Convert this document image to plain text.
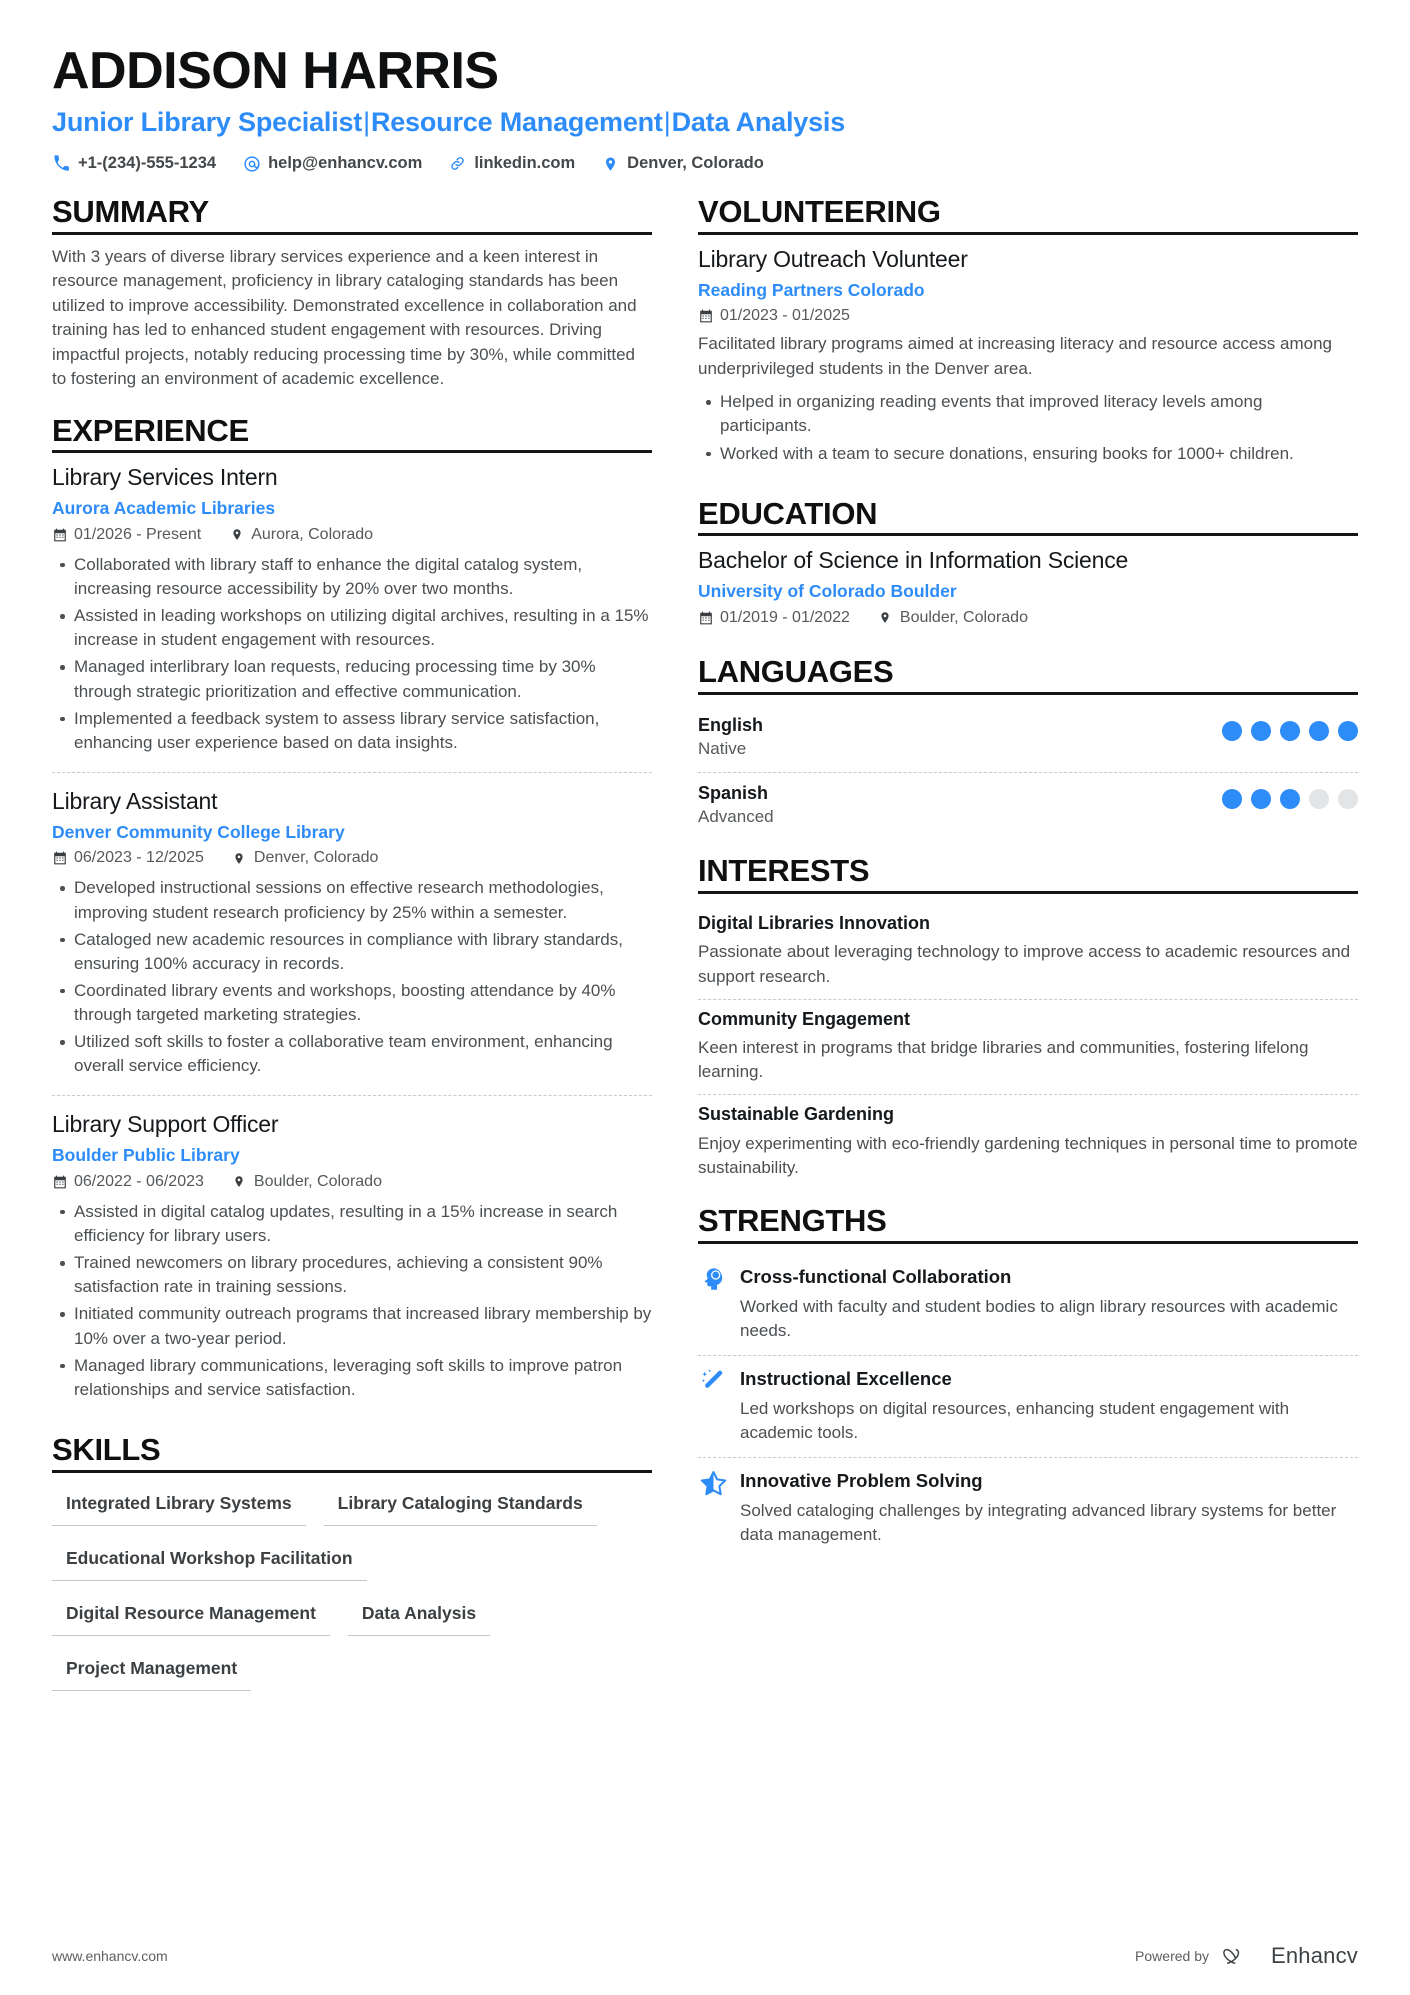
ADDISON HARRIS
Junior Library Specialist|Resource Management|Data Analysis
+1-(234)-555-1234	help@enhancv.com	linkedin.com	Denver, Colorado
SUMMARY
With 3 years of diverse library services experience and a keen interest in resource management, proficiency in library cataloging standards has been utilized to improve accessibility. Demonstrated excellence in collaboration and training has led to enhanced student engagement with resources. Driving impactful projects, notably reducing processing time by 30%, while committed to fostering an environment of academic excellence.
EXPERIENCE
Library Services Intern
Aurora Academic Libraries
01/2026 - Present	Aurora, Colorado
Collaborated with library staff to enhance the digital catalog system, increasing resource accessibility by 20% over two months.
Assisted in leading workshops on utilizing digital archives, resulting in a 15% increase in student engagement with resources.
Managed interlibrary loan requests, reducing processing time by 30% through strategic prioritization and effective communication.
Implemented a feedback system to assess library service satisfaction, enhancing user experience based on data insights.
Library Assistant
Denver Community College Library
06/2023 - 12/2025	Denver, Colorado
Developed instructional sessions on effective research methodologies, improving student research proficiency by 25% within a semester.
Cataloged new academic resources in compliance with library standards, ensuring 100% accuracy in records.
Coordinated library events and workshops, boosting attendance by 40% through targeted marketing strategies.
Utilized soft skills to foster a collaborative team environment, enhancing overall service efficiency.
Library Support Officer
Boulder Public Library
06/2022 - 06/2023	Boulder, Colorado
Assisted in digital catalog updates, resulting in a 15% increase in search efficiency for library users.
Trained newcomers on library procedures, achieving a consistent 90% satisfaction rate in training sessions.
Initiated community outreach programs that increased library membership by 10% over a two-year period.
Managed library communications, leveraging soft skills to improve patron relationships and service satisfaction.
SKILLS
Integrated Library Systems	Library Cataloging Standards
Educational Workshop Facilitation
Digital Resource Management	Data Analysis
Project Management
VOLUNTEERING
Library Outreach Volunteer
Reading Partners Colorado
01/2023 - 01/2025
Facilitated library programs aimed at increasing literacy and resource access among underprivileged students in the Denver area.
Helped in organizing reading events that improved literacy levels among participants.
Worked with a team to secure donations, ensuring books for 1000+ children.
EDUCATION
Bachelor of Science in Information Science
University of Colorado Boulder
01/2019 - 01/2022	Boulder, Colorado
LANGUAGES
English
Native
Spanish
Advanced
INTERESTS
Digital Libraries Innovation
Passionate about leveraging technology to improve access to academic resources and support research.
Community Engagement
Keen interest in programs that bridge libraries and communities, fostering lifelong learning.
Sustainable Gardening
Enjoy experimenting with eco-friendly gardening techniques in personal time to promote sustainability.
STRENGTHS
Cross-functional Collaboration
Worked with faculty and student bodies to align library resources with academic needs.
Instructional Excellence
Led workshops on digital resources, enhancing student engagement with academic tools.
Innovative Problem Solving
Solved cataloging challenges by integrating advanced library systems for better data management.
www.enhancv.com	Powered by	Enhancv
